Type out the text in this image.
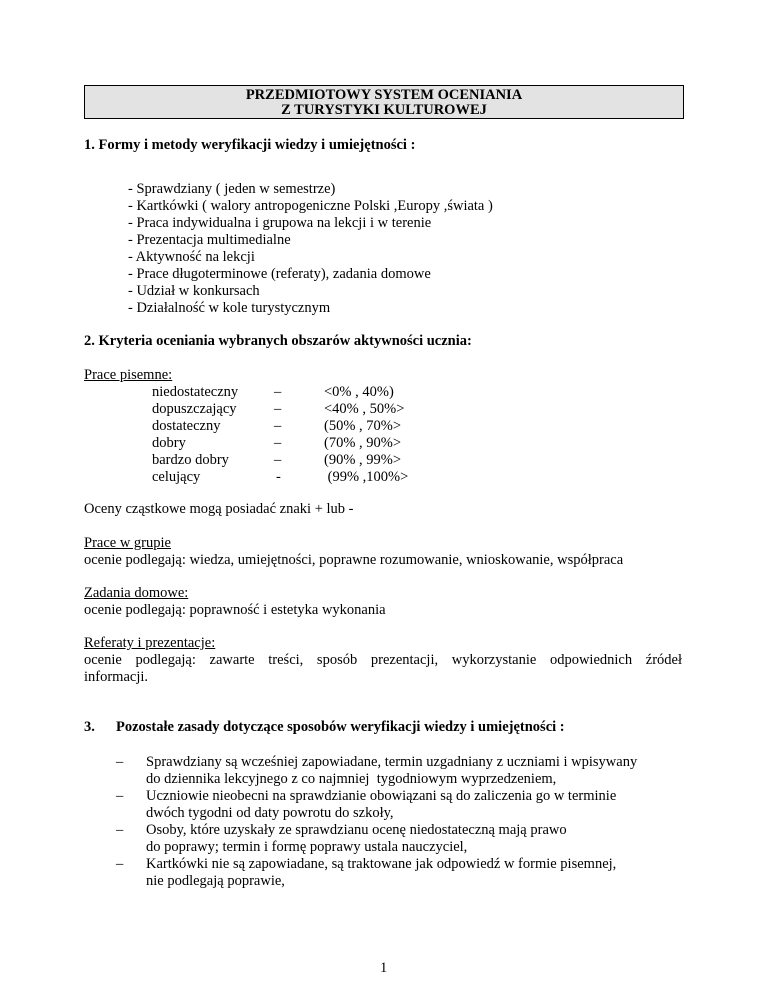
PRZEDMIOTOWY SYSTEM OCENIANIA
Z TURYSTYKI KULTUROWEJ
1. Formy i metody weryfikacji wiedzy i umiejętności :
- Sprawdziany ( jeden w semestrze)
- Kartkówki ( walory antropogeniczne Polski ,Europy ,świata )
- Praca indywidualna i grupowa na lekcji i w terenie
- Prezentacja multimedialne
- Aktywność na lekcji
- Prace długoterminowe (referaty), zadania domowe
- Udział w konkursach
- Działalność w kole turystycznym
2. Kryteria oceniania wybranych obszarów aktywności ucznia:
Prace pisemne:
niedostateczny –	<0% , 40%)
dopuszczający	–	<40% , 50%>
dostateczny	–	(50% , 70%>
dobry	–	(70% , 90%>
bardzo dobry	–	(90% , 99%>
celujący	-	(99% ,100%>
Oceny cząstkowe mogą posiadać znaki + lub -
Prace w grupie
ocenie podlegają: wiedza, umiejętności, poprawne rozumowanie, wnioskowanie, współpraca
Zadania domowe:
ocenie podlegają: poprawność i estetyka wykonania
Referaty i prezentacje:
ocenie podlegają: zawarte treści, sposób prezentacji, wykorzystanie odpowiednich źródeł
informacji.
3. Pozostałe zasady dotyczące sposobów weryfikacji wiedzy i umiejętności :
– Sprawdziany są wcześniej zapowiadane, termin uzgadniany z uczniami i wpisywany
do dziennika lekcyjnego z co najmniej  tygodniowym wyprzedzeniem,
– Uczniowie nieobecni na sprawdzianie obowiązani są do zaliczenia go w terminie
dwóch tygodni od daty powrotu do szkoły,
– Osoby, które uzyskały ze sprawdzianu ocenę niedostateczną mają prawo
do poprawy; termin i formę poprawy ustala nauczyciel,
– Kartkówki nie są zapowiadane, są traktowane jak odpowiedź w formie pisemnej,
nie podlegają poprawie,
1
